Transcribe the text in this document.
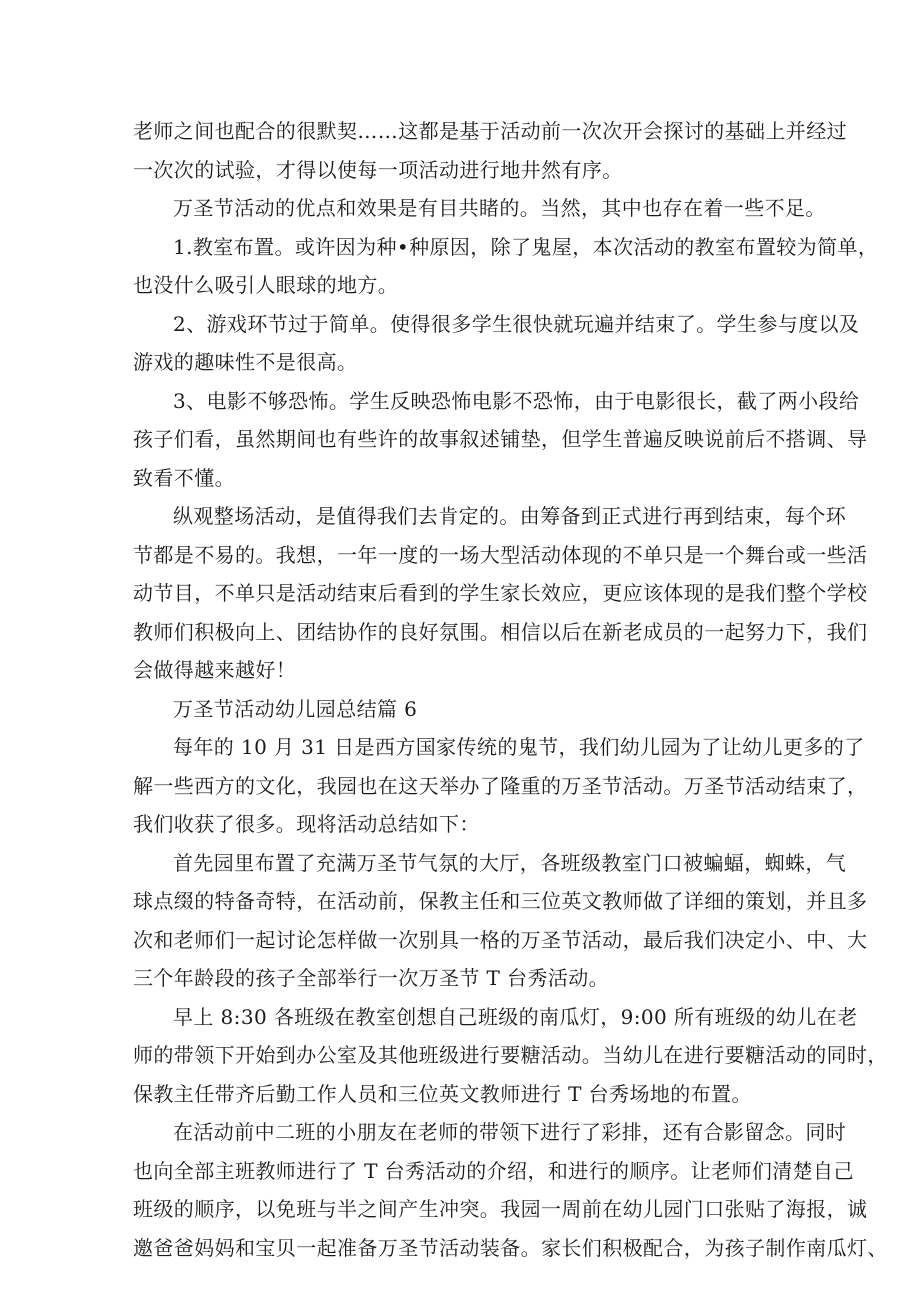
老师之间也配合的很默契……这都是基于活动前一次次开会探讨的基础上并经过
一次次的试验，才得以使每一项活动进行地井然有序。
万圣节活动的优点和效果是有目共睹的。当然，其中也存在着一些不足。
1.教室布置。或许因为种•种原因，除了鬼屋，本次活动的教室布置较为简单，
也没什么吸引人眼球的地方。
2、游戏环节过于简单。使得很多学生很快就玩遍并结束了。学生参与度以及
游戏的趣味性不是很高。
3、电影不够恐怖。学生反映恐怖电影不恐怖，由于电影很长，截了两小段给
孩子们看，虽然期间也有些许的故事叙述铺垫，但学生普遍反映说前后不搭调、导
致看不懂。
纵观整场活动，是值得我们去肯定的。由筹备到正式进行再到结束，每个环
节都是不易的。我想，一年一度的一场大型活动体现的不单只是一个舞台或一些活
动节目，不单只是活动结束后看到的学生家长效应，更应该体现的是我们整个学校
教师们积极向上、团结协作的良好氛围。相信以后在新老成员的一起努力下，我们
会做得越来越好！
万圣节活动幼儿园总结篇 6
每年的 10 月 31 日是西方国家传统的鬼节，我们幼儿园为了让幼儿更多的了
解一些西方的文化，我园也在这天举办了隆重的万圣节活动。万圣节活动结束了，
我们收获了很多。现将活动总结如下：
首先园里布置了充满万圣节气氛的大厅，各班级教室门口被蝙蝠，蜘蛛，气
球点缀的特备奇特，在活动前，保教主任和三位英文教师做了详细的策划，并且多
次和老师们一起讨论怎样做一次别具一格的万圣节活动，最后我们决定小、中、大
三个年龄段的孩子全部举行一次万圣节 T 台秀活动。
早上 8:30 各班级在教室创想自己班级的南瓜灯，9:00 所有班级的幼儿在老
师的带领下开始到办公室及其他班级进行要糖活动。当幼儿在进行要糖活动的同时，
保教主任带齐后勤工作人员和三位英文教师进行 T 台秀场地的布置。
在活动前中二班的小朋友在老师的带领下进行了彩排，还有合影留念。同时
也向全部主班教师进行了 T 台秀活动的介绍，和进行的顺序。让老师们清楚自己
班级的顺序，以免班与半之间产生冲突。我园一周前在幼儿园门口张贴了海报，诚
邀爸爸妈妈和宝贝一起准备万圣节活动装备。家长们积极配合，为孩子制作南瓜灯、
